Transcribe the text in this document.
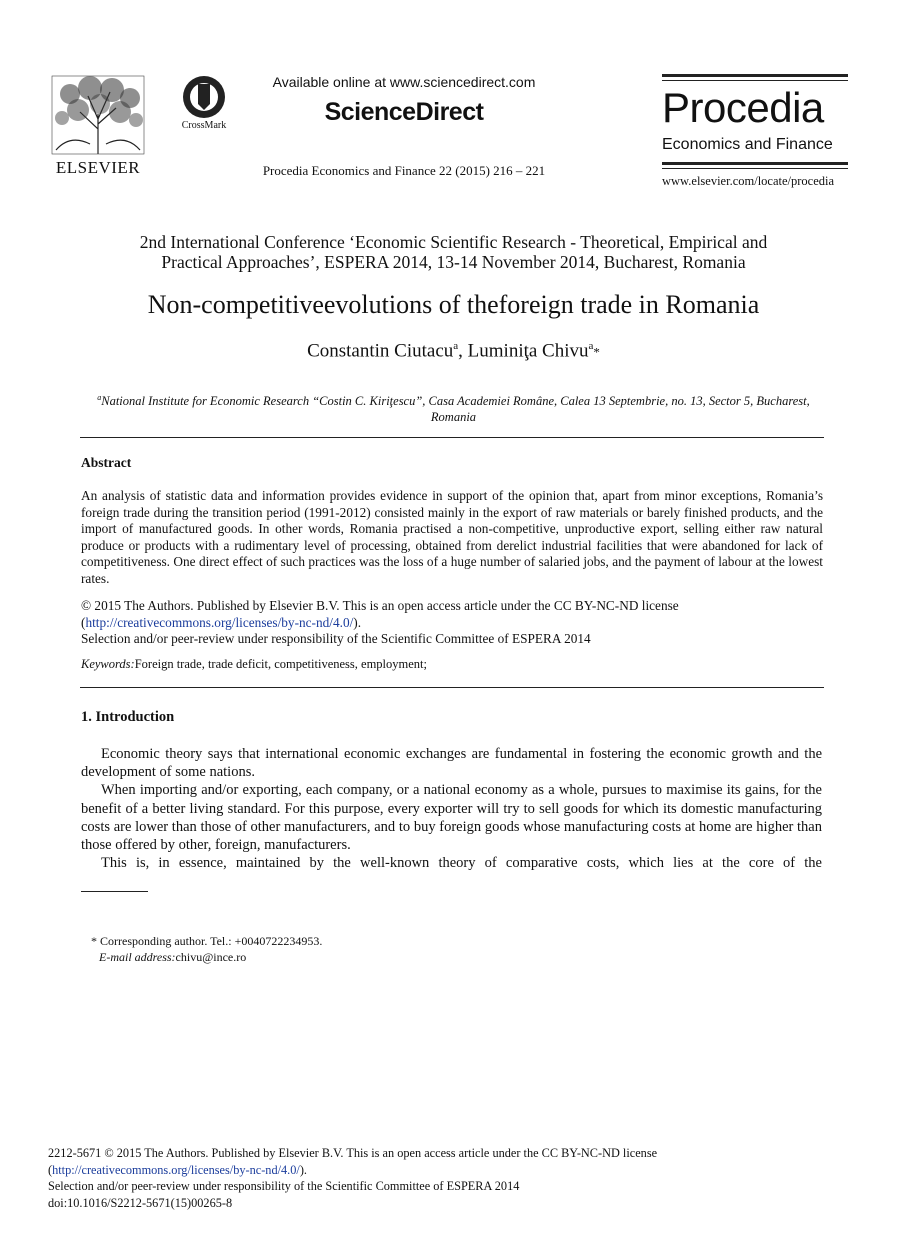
ELSEVIER
CrossMark
Available online at www.sciencedirect.com
ScienceDirect
Procedia Economics and Finance 22 (2015) 216 – 221
Procedia
Economics and Finance
www.elsevier.com/locate/procedia
2nd International Conference ‘Economic Scientific Research - Theoretical, Empirical and
Practical Approaches’, ESPERA 2014, 13-14 November 2014, Bucharest, Romania
Non-competitiveevolutions of theforeign trade in Romania
Constantin Ciutacu$^a$, Luminiţa Chivu$^a$*
$^a$National Institute for Economic Research “Costin C. Kiriţescu”, Casa Academiei Române, Calea 13 Septembrie, no. 13, Sector 5, Bucharest,
Romania
Abstract
An analysis of statistic data and information provides evidence in support of the opinion that, apart from minor exceptions, Romania’s foreign trade during the transition period (1991-2012) consisted mainly in the export of raw materials or barely finished products, and the import of manufactured goods. In other words, Romania practised a non-competitive, unproductive export, selling either raw natural produce or products with a rudimentary level of processing, obtained from derelict industrial facilities that were abandoned for lack of competitiveness. One direct effect of such practices was the loss of a huge number of salaried jobs, and the payment of labour at the lowest rates.
© 2015 The Authors. Published by Elsevier B.V. This is an open access article under the CC BY-NC-ND license
(http://creativecommons.org/licenses/by-nc-nd/4.0/).
Selection and/or peer-review under responsibility of the Scientific Committee of ESPERA 2014
Keywords:Foreign trade, trade deficit, competitiveness, employment;
1. Introduction

Economic theory says that international economic exchanges are fundamental in fostering the economic growth and the development of some nations.

When importing and/or exporting, each company, or a national economy as a whole, pursues to maximise its gains, for the benefit of a better living standard. For this purpose, every exporter will try to sell goods for which its domestic manufacturing costs are lower than those of other manufacturers, and to buy foreign goods whose manufacturing costs at home are higher than those offered by other, foreign, manufacturers.

This is, in essence, maintained by the well-known theory of comparative costs, which lies at the core of the

* Corresponding author. Tel.: +0040722234953.
E-mail address:chivu@ince.ro
2212-5671 © 2015 The Authors. Published by Elsevier B.V. This is an open access article under the CC BY-NC-ND license
(http://creativecommons.org/licenses/by-nc-nd/4.0/).
Selection and/or peer-review under responsibility of the Scientific Committee of ESPERA 2014
doi:10.1016/S2212-5671(15)00265-8
